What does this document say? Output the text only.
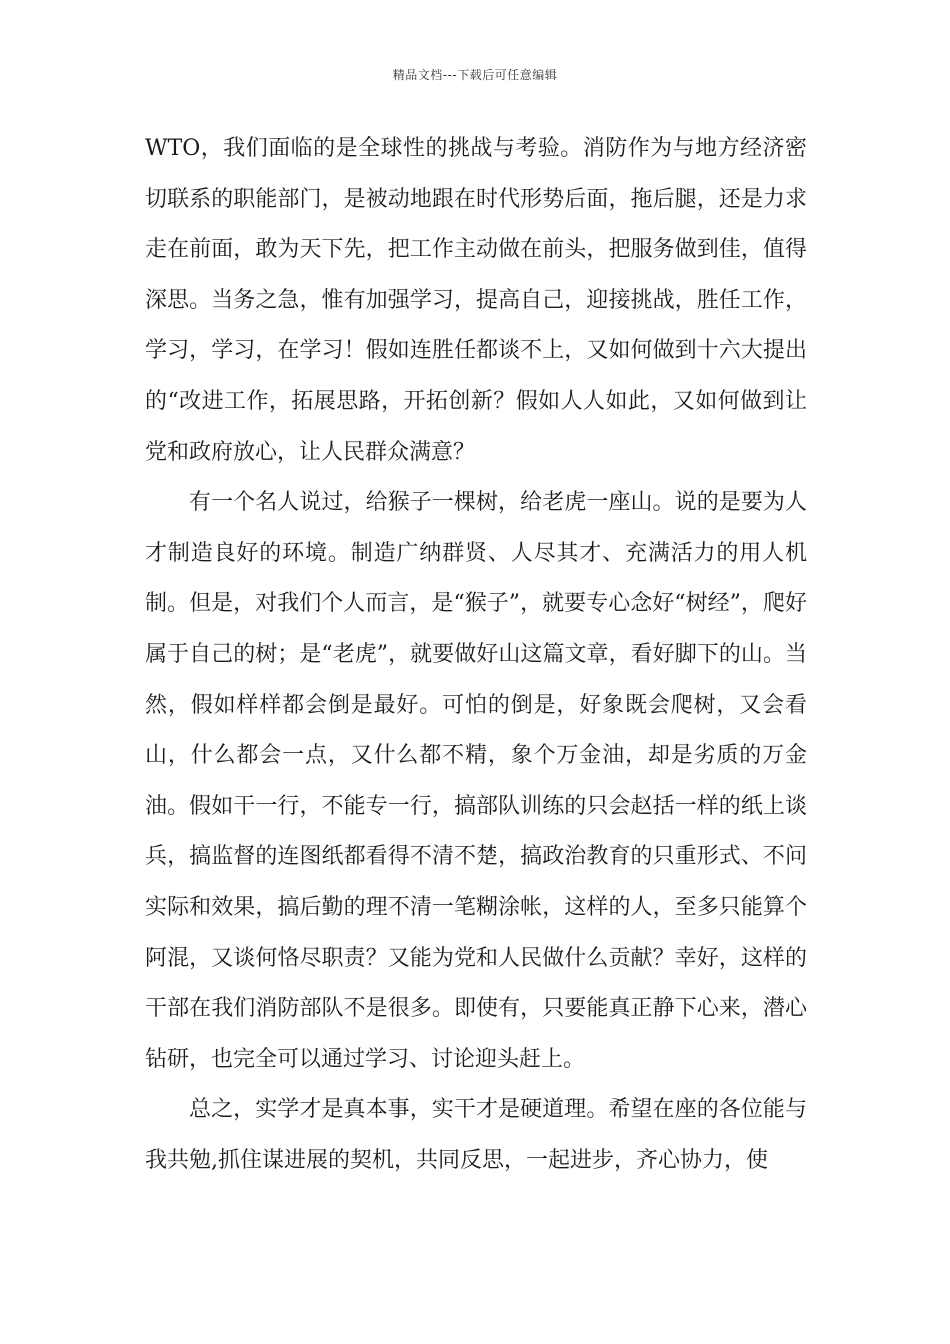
精品文档---下载后可任意编辑

WTO，我们面临的是全球性的挑战与考验。消防作为与地方经济密切联系的职能部门，是被动地跟在时代形势后面，拖后腿，还是力求走在前面，敢为天下先，把工作主动做在前头，把服务做到佳，值得深思。当务之急，惟有加强学习，提高自己，迎接挑战，胜任工作，学习，学习，在学习！假如连胜任都谈不上，又如何做到十六大提出的“改进工作，拓展思路，开拓创新？假如人人如此，又如何做到让党和政府放心，让人民群众满意？

有一个名人说过，给猴子一棵树，给老虎一座山。说的是要为人才制造良好的环境。制造广纳群贤、人尽其才、充满活力的用人机制。但是，对我们个人而言，是“猴子”，就要专心念好“树经”，爬好属于自己的树；是“老虎”，就要做好山这篇文章，看好脚下的山。当然，假如样样都会倒是最好。可怕的倒是，好象既会爬树，又会看山，什么都会一点，又什么都不精，象个万金油，却是劣质的万金油。假如干一行，不能专一行，搞部队训练的只会赵括一样的纸上谈兵，搞监督的连图纸都看得不清不楚，搞政治教育的只重形式、不问实际和效果，搞后勤的理不清一笔糊涂帐，这样的人，至多只能算个阿混，又谈何恪尽职责？又能为党和人民做什么贡献？幸好，这样的干部在我们消防部队不是很多。即使有，只要能真正静下心来，潜心钻研，也完全可以通过学习、讨论迎头赶上。

总之，实学才是真本事，实干才是硬道理。希望在座的各位能与我共勉,抓住谋进展的契机，共同反思，一起进步，齐心协力，使
